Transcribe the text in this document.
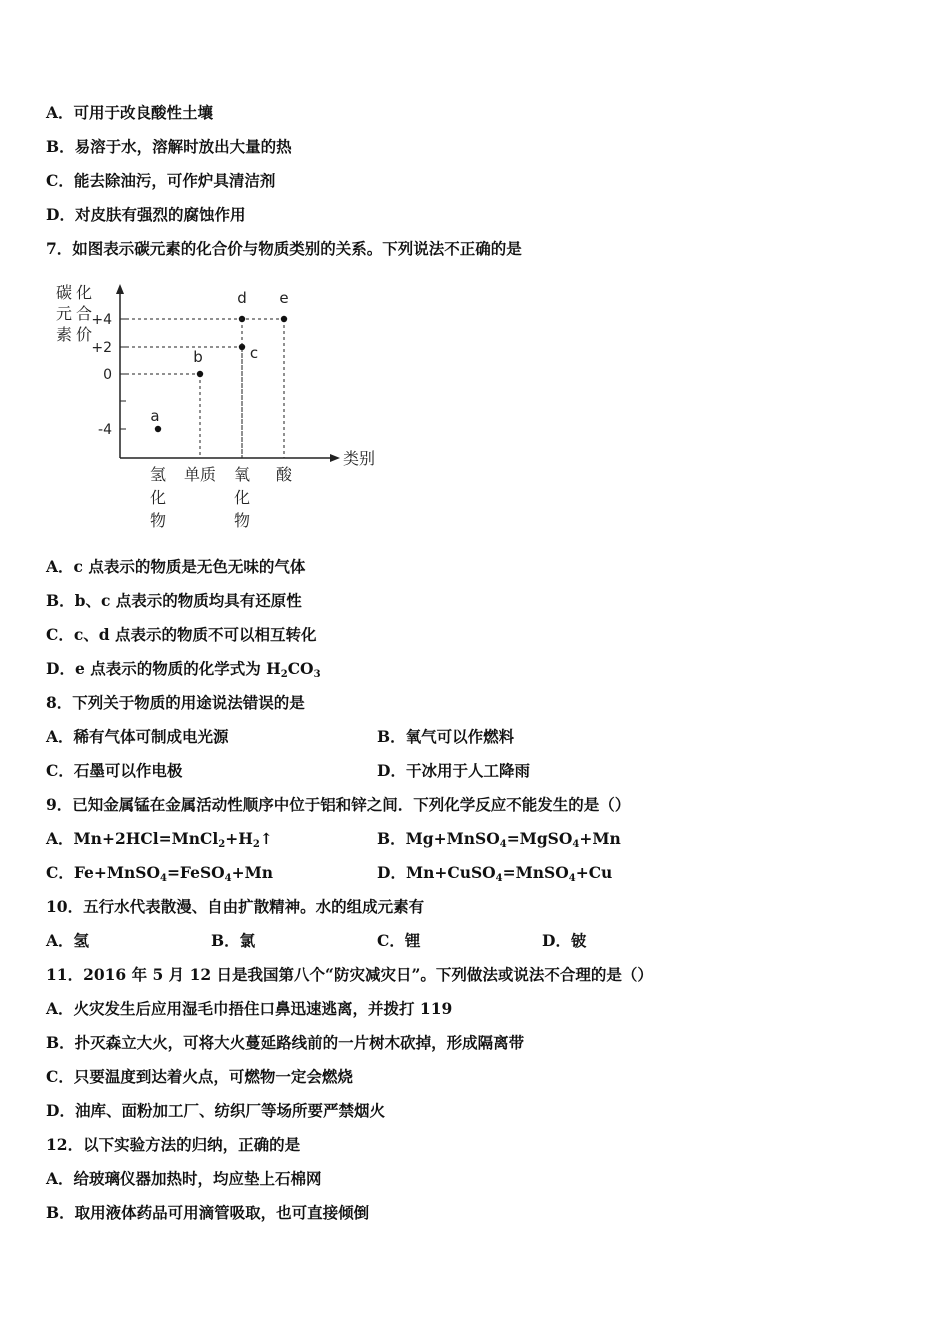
A．可用于改良酸性土壤
B．易溶于水，溶解时放出大量的热
C．能去除油污，可作炉具清洁剂
D．对皮肤有强烈的腐蚀作用
7．如图表示碳元素的化合价与物质类别的关系。下列说法不正确的是
碳 化
元 合
素 价
+4
+2
0
-4
类别
氢
化
物
单质 氧
化
物
酸
a
b	c
d e
A．c 点表示的物质是无色无味的气体
B．b、c 点表示的物质均具有还原性
C．c、d 点表示的物质不可以相互转化
D．e 点表示的物质的化学式为 $H_2CO_3$
8．下列关于物质的用途说法错误的是
A．稀有气体可制成电光源	B．氧气可以作燃料
C．石墨可以作电极	D．干冰用于人工降雨
9．已知金属锰在金属活动性顺序中位于铝和锌之间．下列化学反应不能发生的是（）
A．$Mn+2HCl=MnCl_2+H_2↑$	B．Mg+MnSO$_4$=MgSO$_4$+Mn
C．Fe+MnSO$_4$=FeSO$_4$+Mn	D．Mn+CuSO$_4$=MnSO$_4$+Cu
10．五行水代表散漫、自由扩散精神。水的组成元素有
A．氢	B．氯	C．锂	D．铍
11．2016 年 5 月 12 日是我国第八个“防灾减灾日”。下列做法或说法不合理的是（）
A．火灾发生后应用湿毛巾捂住口鼻迅速逃离，并拨打 119
B．扑灭森立大火，可将大火蔓延路线前的一片树木砍掉，形成隔离带
C．只要温度到达着火点，可燃物一定会燃烧
D．油库、面粉加工厂、纺织厂等场所要严禁烟火
12．以下实验方法的归纳，正确的是
A．给玻璃仪器加热时，均应垫上石棉网
B．取用液体药品可用滴管吸取，也可直接倾倒
